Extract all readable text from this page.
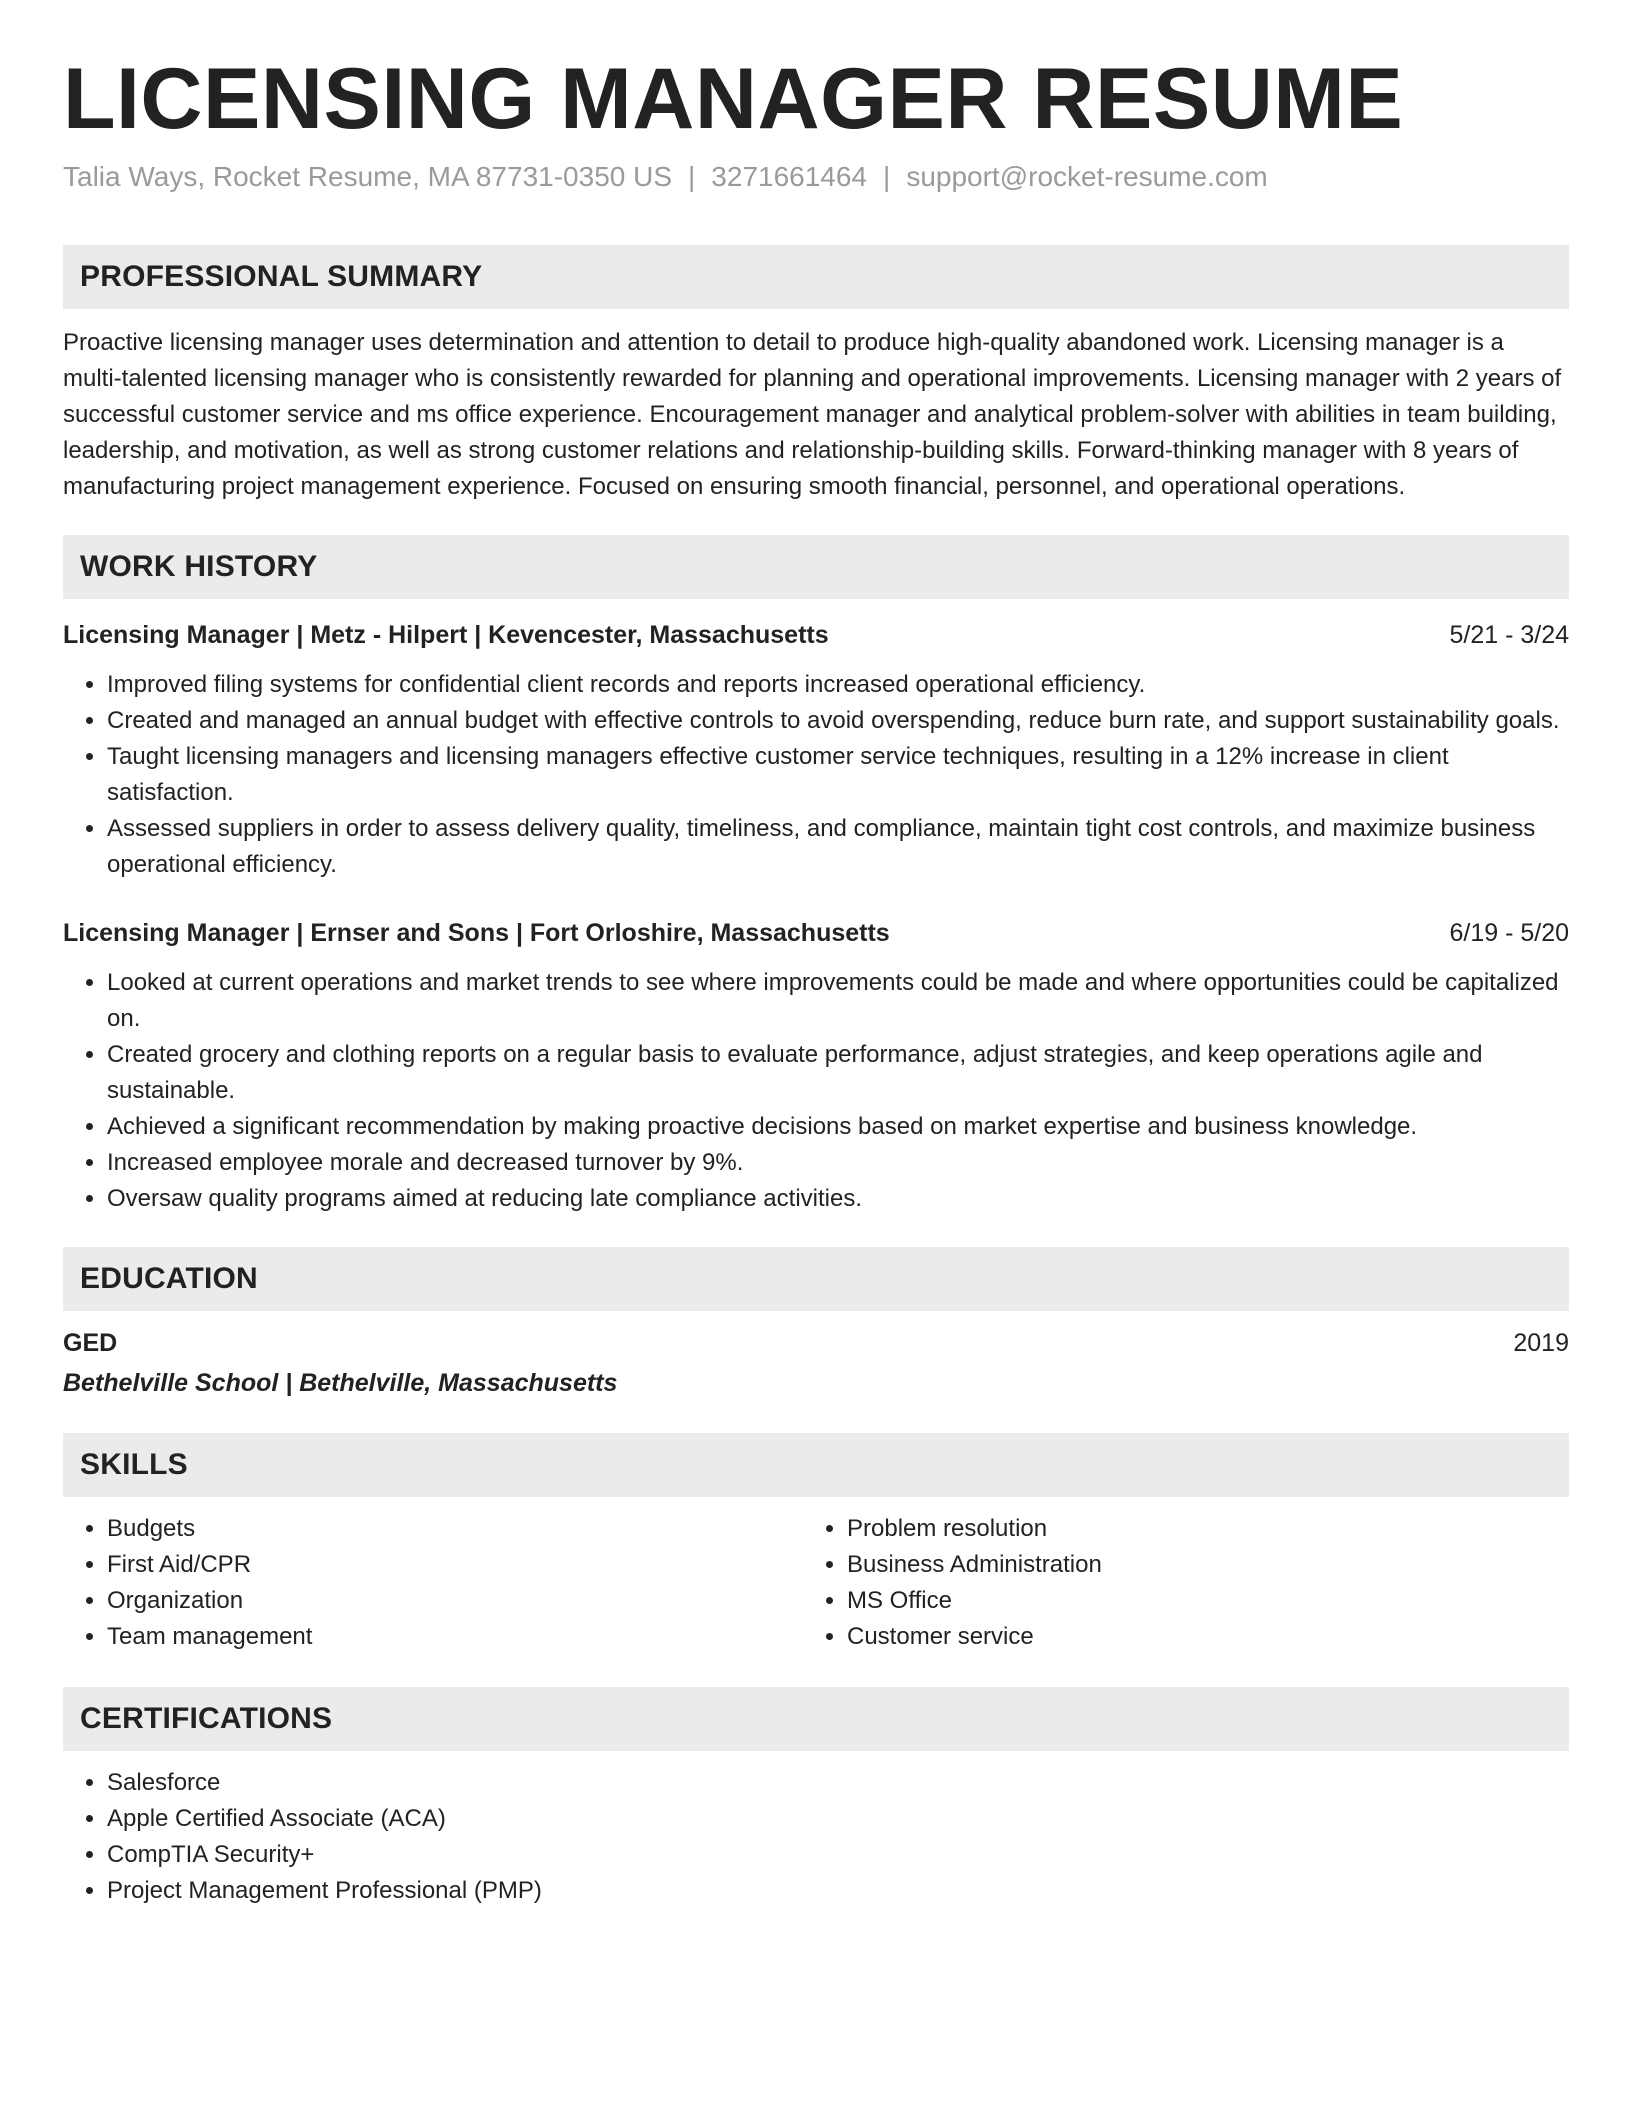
LICENSING MANAGER RESUME
Talia Ways, Rocket Resume, MA 87731-0350 US | 3271661464 | support@rocket-resume.com
PROFESSIONAL SUMMARY

Proactive licensing manager uses determination and attention to detail to produce high-quality abandoned work. Licensing manager is a multi-talented licensing manager who is consistently rewarded for planning and operational improvements. Licensing manager with 2 years of successful customer service and ms office experience. Encouragement manager and analytical problem-solver with abilities in team building, leadership, and motivation, as well as strong customer relations and relationship-building skills. Forward-thinking manager with 8 years of manufacturing project management experience. Focused on ensuring smooth financial, personnel, and operational operations.

WORK HISTORY
Licensing Manager | Metz - Hilpert | Kevencester, Massachusetts	5/21 - 3/24
• Improved filing systems for confidential client records and reports increased operational efficiency.
• Created and managed an annual budget with effective controls to avoid overspending, reduce burn rate, and support sustainability goals.
• Taught licensing managers and licensing managers effective customer service techniques, resulting in a 12% increase in client satisfaction.
• Assessed suppliers in order to assess delivery quality, timeliness, and compliance, maintain tight cost controls, and maximize business operational efficiency.
Licensing Manager | Ernser and Sons | Fort Orloshire, Massachusetts	6/19 - 5/20
• Looked at current operations and market trends to see where improvements could be made and where opportunities could be capitalized on.
• Created grocery and clothing reports on a regular basis to evaluate performance, adjust strategies, and keep operations agile and sustainable.
• Achieved a significant recommendation by making proactive decisions based on market expertise and business knowledge.
• Increased employee morale and decreased turnover by 9%.
• Oversaw quality programs aimed at reducing late compliance activities.
EDUCATION
GED	2019
Bethelville School | Bethelville, Massachusetts
SKILLS
• Budgets
• First Aid/CPR
• Organization
• Team management
• Problem resolution
• Business Administration
• MS Office
• Customer service
CERTIFICATIONS
• Salesforce
• Apple Certified Associate (ACA)
• CompTIA Security+
• Project Management Professional (PMP)
